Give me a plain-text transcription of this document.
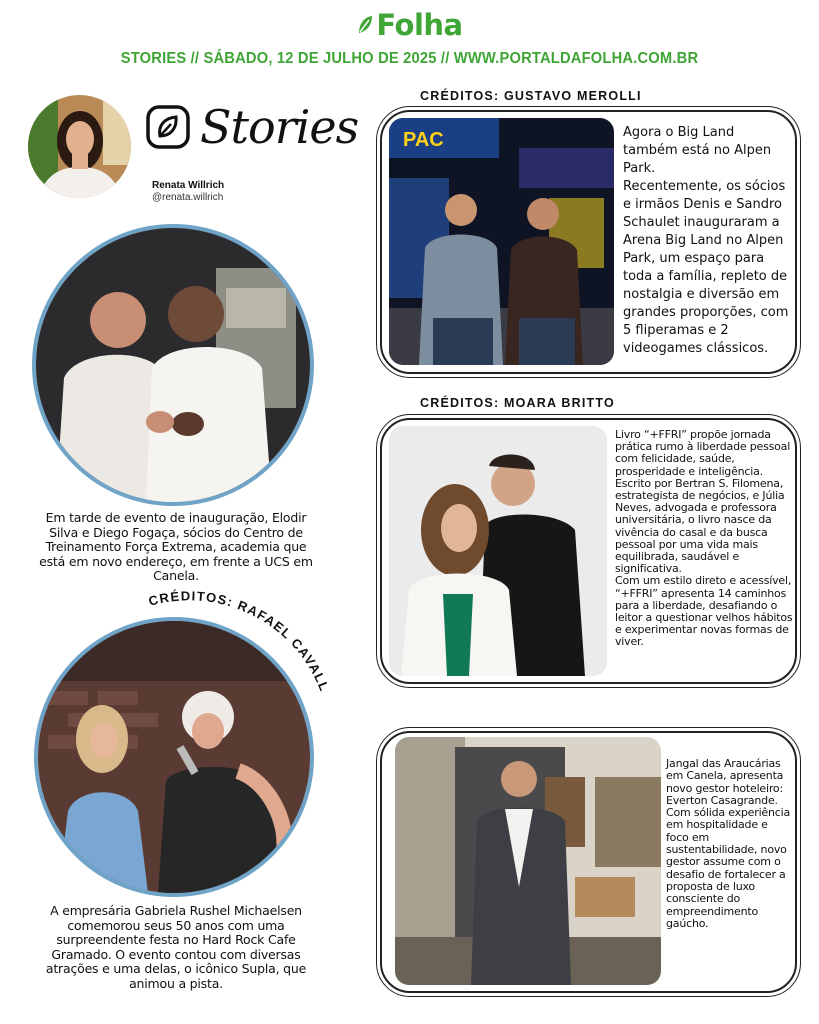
Folha
STORIES // SÁBADO, 12 DE JULHO DE 2025 // WWW.PORTALDAFOLHA.COM.BR
Stories
Renata Willrich
@renata.willrich
Em tarde de evento de inauguração, Elodir Silva e Diego Fogaça, sócios do Centro de Treinamento Força Extrema, academia que está em novo endereço, em frente a UCS em Canela.
CRÉDITOS: RAFAEL CAVALLI
A empresária Gabriela Rushel Michaelsen comemorou seus 50 anos com uma surpreendente festa no Hard Rock Cafe Gramado. O evento contou com diversas atrações e uma delas, o icônico Supla, que animou a pista.
CRÉDITOS: GUSTAVO MEROLLI
PAC	Agora o Big Land também está no Alpen Park.
Recentemente, os sócios e irmãos Denis e Sandro Schaulet inauguraram a Arena Big Land no Alpen Park, um espaço para toda a família, repleto de nostalgia e diversão em grandes proporções, com 5 fliperamas e 2 videogames clássicos.
CRÉDITOS: MOARA BRITTO
Livro “+FFRI” propõe jornada prática rumo à liberdade pessoal com felicidade, saúde, prosperidade e inteligência. Escrito por Bertran S. Filomena, estrategista de negócios, e Júlia Neves, advogada e professora universitária, o livro nasce da vivência do casal e da busca pessoal por uma vida mais equilibrada, saudável e significativa.
Com um estilo direto e acessível, “+FFRI” apresenta 14 caminhos para a liberdade, desafiando o leitor a questionar velhos hábitos e experimentar novas formas de viver.
Jangal das Araucárias em Canela, apresenta novo gestor hoteleiro: Everton Casagrande.
Com sólida experiência em hospitalidade e foco em sustentabilidade, novo gestor assume com o desafio de fortalecer a proposta de luxo consciente do empreendimento gaúcho.
